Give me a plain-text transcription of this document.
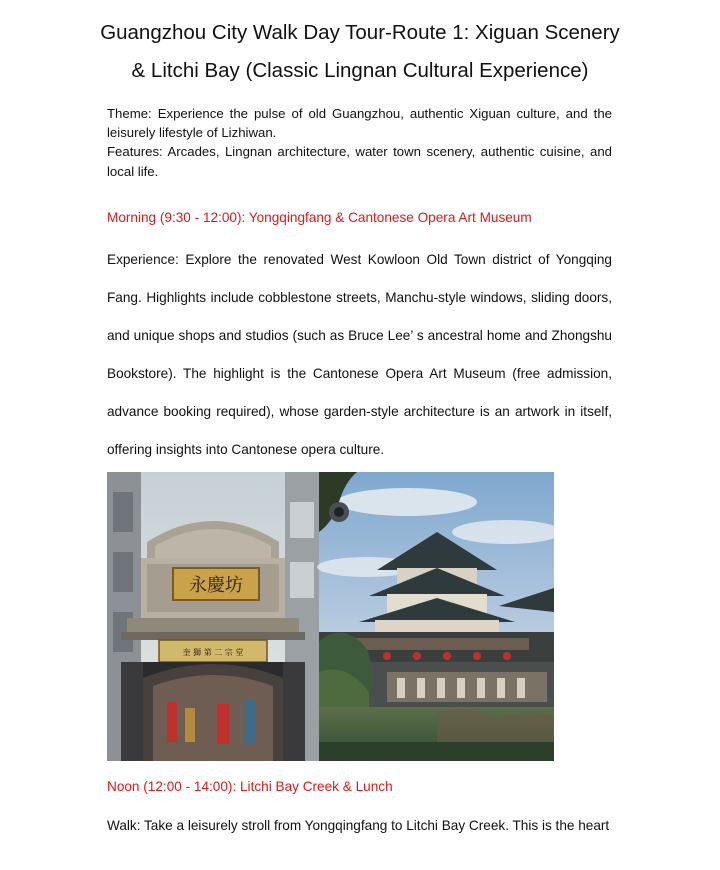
Guangzhou City Walk Day Tour-Route 1: Xiguan Scenery
& Litchi Bay (Classic Lingnan Cultural Experience)

Theme: Experience the pulse of old Guangzhou, authentic Xiguan culture, and the leisurely lifestyle of Lizhiwan.

Features: Arcades, Lingnan architecture, water town scenery, authentic cuisine, and local life.

Morning (9:30 - 12:00): Yongqingfang & Cantonese Opera Art Museum

Experience: Explore the renovated West Kowloon Old Town district of Yongqing Fang. Highlights include cobblestone streets, Manchu-style windows, sliding doors, and unique shops and studios (such as Bruce Lee’ s ancestral home and Zhongshu Bookstore). The highlight is the Cantonese Opera Art Museum (free admission, advance booking required), whose garden-style architecture is an artwork in itself, offering insights into Cantonese opera culture.

永慶坊
奎 獅 第 二 宗 堂

Noon (12:00 - 14:00): Litchi Bay Creek & Lunch

Walk: Take a leisurely stroll from Yongqingfang to Litchi Bay Creek. This is the heart
